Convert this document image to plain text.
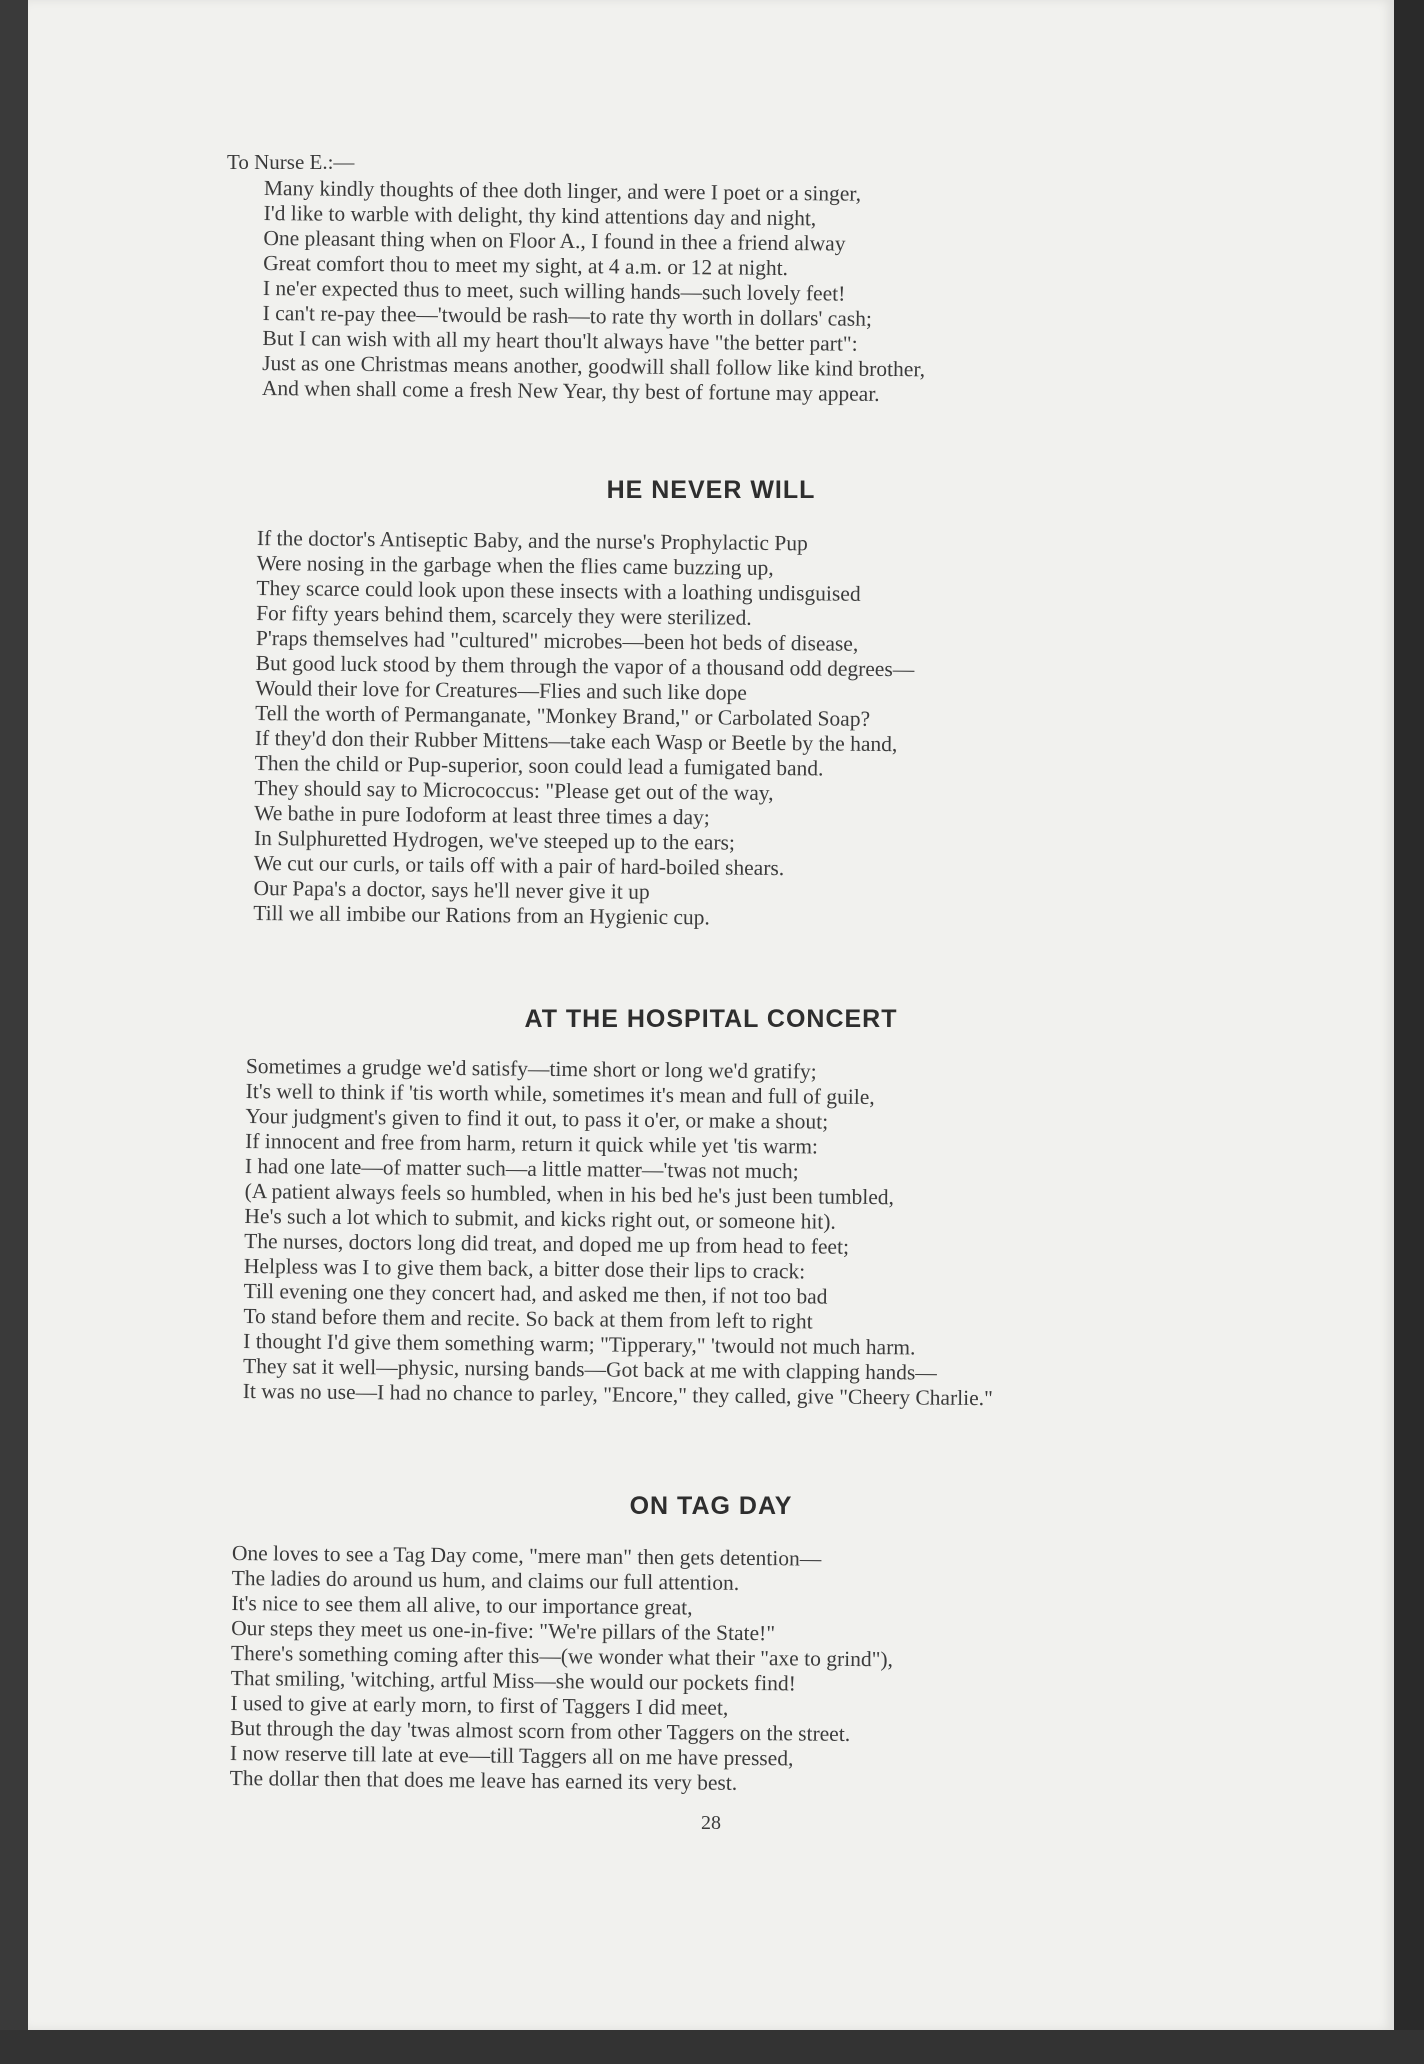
To Nurse E.:—
Many kindly thoughts of thee doth linger, and were I poet or a singer,
I'd like to warble with delight, thy kind attentions day and night,
One pleasant thing when on Floor A., I found in thee a friend alway
Great comfort thou to meet my sight, at 4 a.m. or 12 at night.
I ne'er expected thus to meet, such willing hands—such lovely feet!
I can't re-pay thee—'twould be rash—to rate thy worth in dollars' cash;
But I can wish with all my heart thou'lt always have "the better part":
Just as one Christmas means another, goodwill shall follow like kind brother,
And when shall come a fresh New Year, thy best of fortune may appear.
HE NEVER WILL
If the doctor's Antiseptic Baby, and the nurse's Prophylactic Pup
Were nosing in the garbage when the flies came buzzing up,
They scarce could look upon these insects with a loathing undisguised
For fifty years behind them, scarcely they were sterilized.
P'raps themselves had "cultured" microbes—been hot beds of disease,
But good luck stood by them through the vapor of a thousand odd degrees—
Would their love for Creatures—Flies and such like dope
Tell the worth of Permanganate, "Monkey Brand," or Carbolated Soap?
If they'd don their Rubber Mittens—take each Wasp or Beetle by the hand,
Then the child or Pup-superior, soon could lead a fumigated band.
They should say to Micrococcus: "Please get out of the way,
We bathe in pure Iodoform at least three times a day;
In Sulphuretted Hydrogen, we've steeped up to the ears;
We cut our curls, or tails off with a pair of hard-boiled shears.
Our Papa's a doctor, says he'll never give it up
Till we all imbibe our Rations from an Hygienic cup.
AT THE HOSPITAL CONCERT
Sometimes a grudge we'd satisfy—time short or long we'd gratify;
It's well to think if 'tis worth while, sometimes it's mean and full of guile,
Your judgment's given to find it out, to pass it o'er, or make a shout;
If innocent and free from harm, return it quick while yet 'tis warm:
I had one late—of matter such—a little matter—'twas not much;
(A patient always feels so humbled, when in his bed he's just been tumbled,
He's such a lot which to submit, and kicks right out, or someone hit).
The nurses, doctors long did treat, and doped me up from head to feet;
Helpless was I to give them back, a bitter dose their lips to crack:
Till evening one they concert had, and asked me then, if not too bad
To stand before them and recite. So back at them from left to right
I thought I'd give them something warm; "Tipperary," 'twould not much harm.
They sat it well—physic, nursing bands—Got back at me with clapping hands—
It was no use—I had no chance to parley, "Encore," they called, give "Cheery Charlie."
ON TAG DAY
One loves to see a Tag Day come, "mere man" then gets detention—
The ladies do around us hum, and claims our full attention.
It's nice to see them all alive, to our importance great,
Our steps they meet us one-in-five: "We're pillars of the State!"
There's something coming after this—(we wonder what their "axe to grind"),
That smiling, 'witching, artful Miss—she would our pockets find!
I used to give at early morn, to first of Taggers I did meet,
But through the day 'twas almost scorn from other Taggers on the street.
I now reserve till late at eve—till Taggers all on me have pressed,
The dollar then that does me leave has earned its very best.
28
